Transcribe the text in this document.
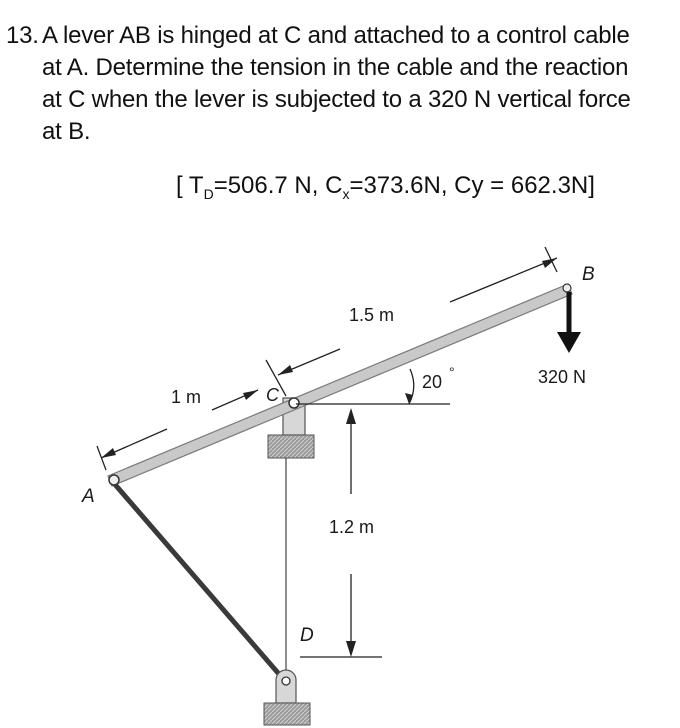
13. A lever AB is hinged at C and attached to a control cable
at A. Determine the tension in the cable and the reaction
at C when the lever is subjected to a 320 N vertical force
at B.
[ $T_D=506.7$ N, $C_x=373.6N$, Cy = 662.3N]
1 m
1.5 m
20 °
1.2 m
320 N
A
B
C
D
